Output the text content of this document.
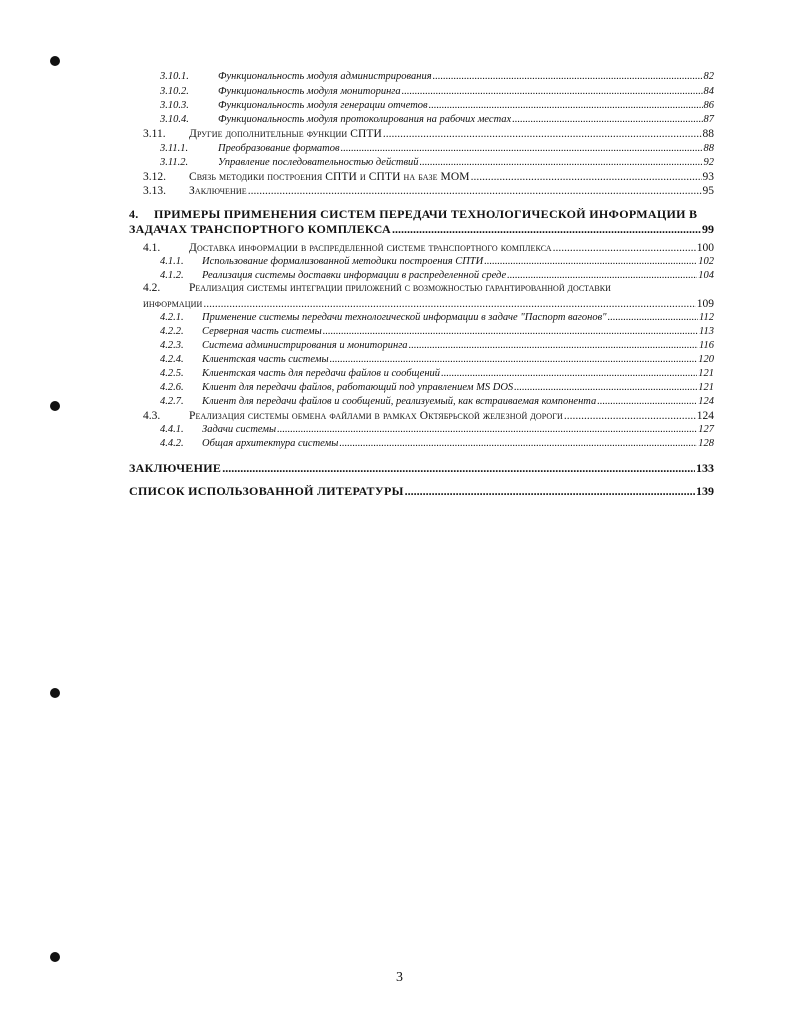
3.10.1.	Функциональность модуля администрирования .....	82
3.10.2.	Функциональность модуля мониторинга .....	84
3.10.3.	Функциональность модуля генерации отчетов .....	86
3.10.4.	Функциональность модуля протоколирования на рабочих местах .....	87
3.11.	Другие дополнительные функции СПТИ .....	88
3.11.1.	Преобразование форматов .....	88
3.11.2.	Управление последовательностью действий .....	92
3.12.	Связь методики построения СПТИ и СПТИ на базе MOM .....	93
3.13.	Заключение .....	95
4. ПРИМЕРЫ ПРИМЕНЕНИЯ СИСТЕМ ПЕРЕДАЧИ ТЕХНОЛОГИЧЕСКОЙ ИНФОРМАЦИИ В
ЗАДАЧАХ ТРАНСПОРТНОГО КОМПЛЕКСА .....	99
4.1.	Доставка информации в распределенной системе транспортного комплекса .....	100
4.1.1.	Использование формализованной методики построения СПТИ .....	102
4.1.2.	Реализация системы доставки информации в распределенной среде .....	104
4.2.	Реализация системы интеграции приложений с возможностью гарантированной доставки
информации .....	109
4.2.1.	Применение системы передачи технологической информации в задаче "Паспорт вагонов" .....	112
4.2.2.	Серверная часть системы .....	113
4.2.3.	Система администрирования и мониторинга .....	116
4.2.4.	Клиентская часть системы .....	120
4.2.5.	Клиентская часть для передачи файлов и сообщений .....	121
4.2.6.	Клиент для передачи файлов, работающий под управлением MS DOS .....	121
4.2.7.	Клиент для передачи файлов и сообщений, реализуемый, как встраиваемая компонента .....	124
4.3.	Реализация системы обмена файлами в рамках Октябрьской железной дороги .....	124
4.4.1.	Задачи системы .....	127
4.4.2.	Общая архитектура системы .....	128
ЗАКЛЮЧЕНИЕ .....	133
СПИСОК ИСПОЛЬЗОВАННОЙ ЛИТЕРАТУРЫ .....	139
3
